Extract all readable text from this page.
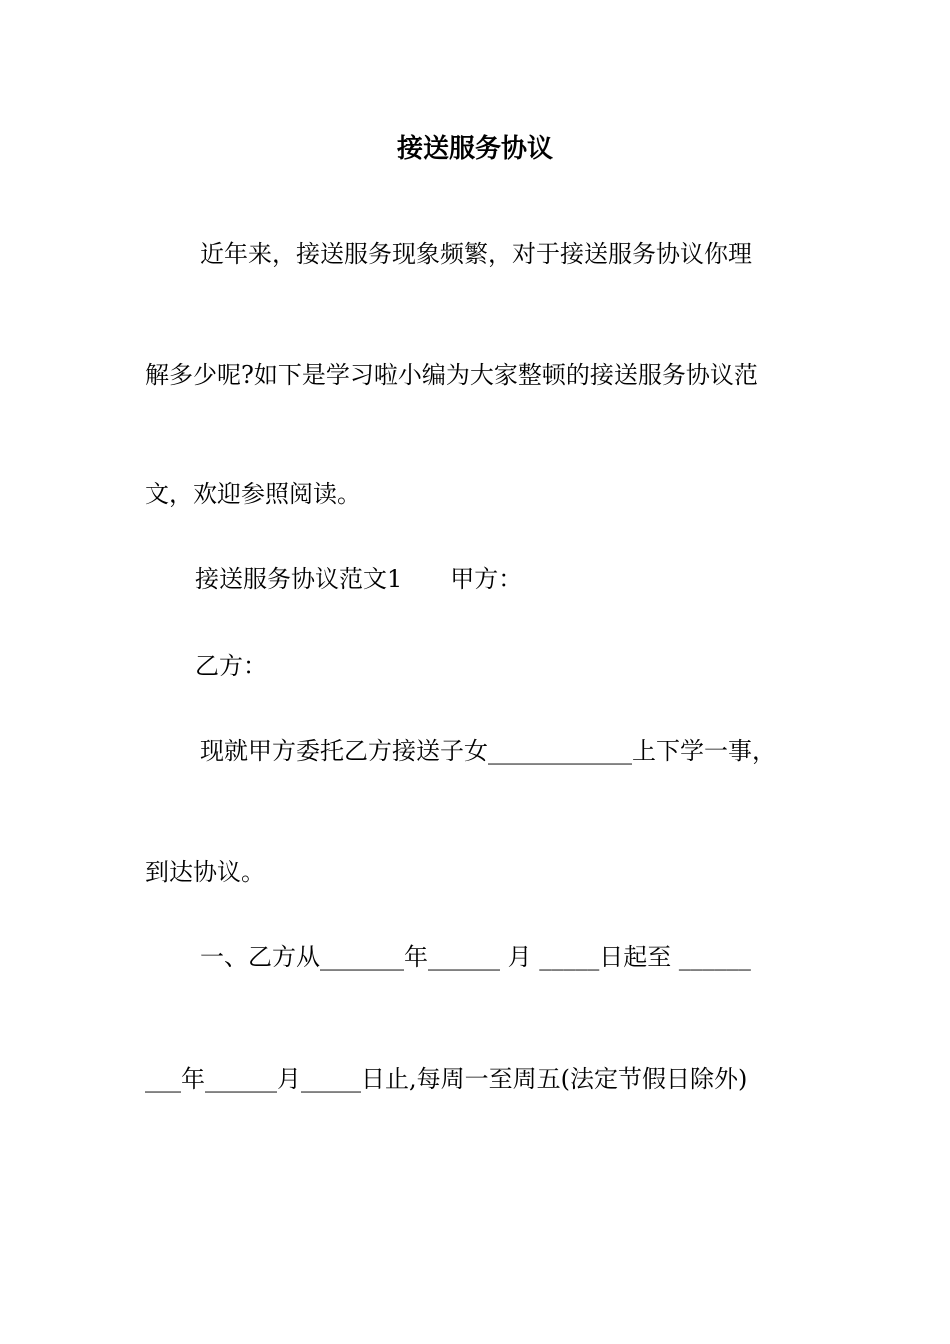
接送服务协议

近年来，接送服务现象频繁，对于接送服务协议你理

解多少呢?如下是学习啦小编为大家整顿的接送服务协议范

文，欢迎参照阅读。

接送服务协议范文1　　甲方：

乙方：

现就甲方委托乙方接送子女____________上下学一事，

到达协议。

一、乙方从_______年______ 月 _____日起至 ______

___年______月_____日止,每周一至周五(法定节假日除外)
